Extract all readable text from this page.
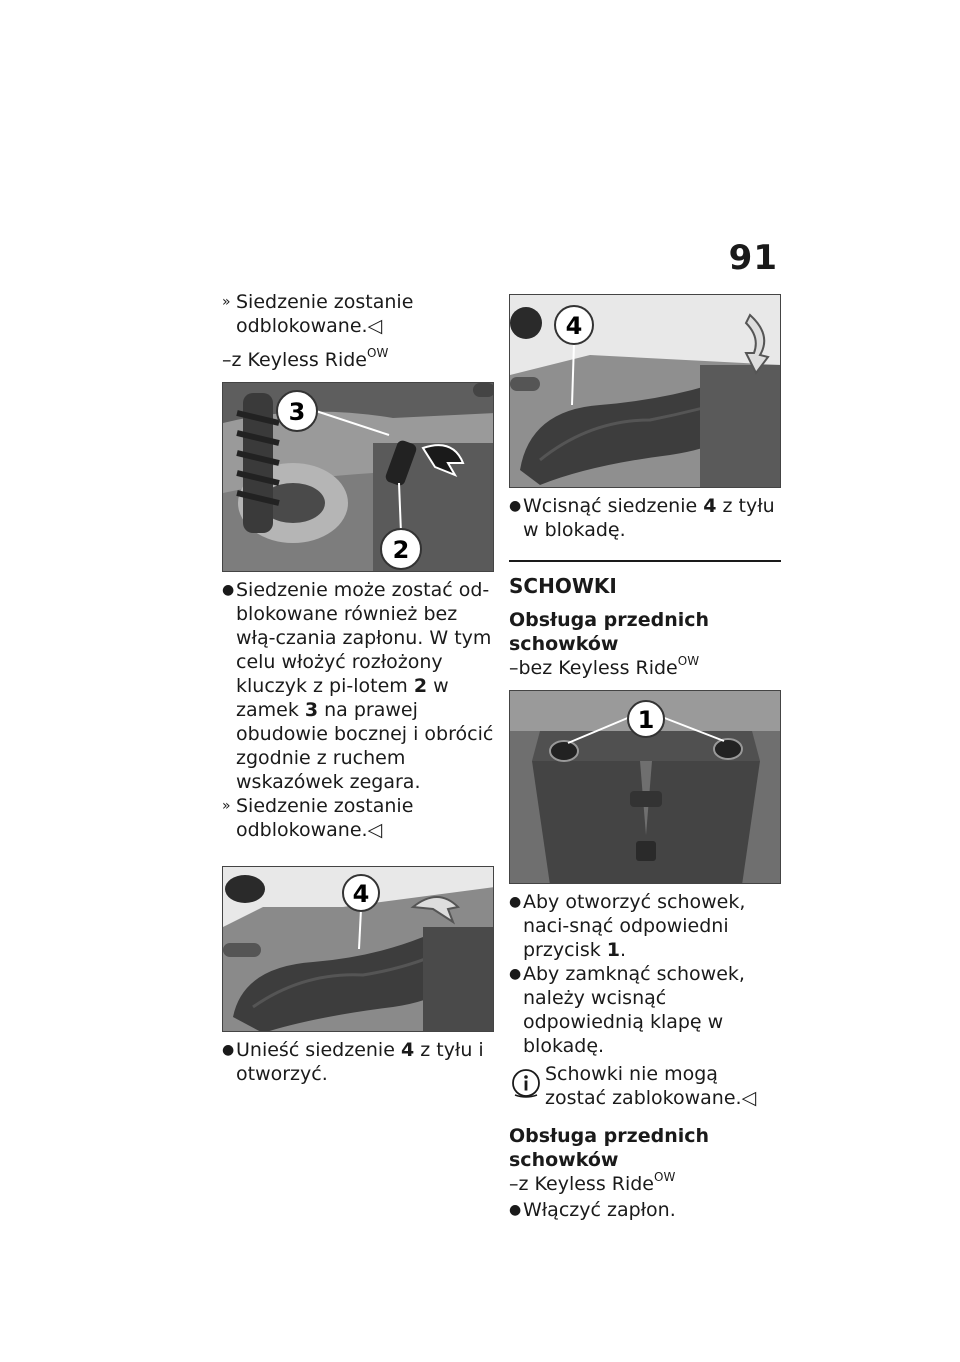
91
» Siedzenie zostanie odblokowane.◁
–z Keyless Ride$^{OW}$
3
2
● Siedzenie może zostać od-blokowane również bez włą-czania zapłonu. W tym celu włożyć rozłożony kluczyk z pi-lotem 2 w zamek 3 na prawej obudowie bocznej i obrócić zgodnie z ruchem wskazówek zegara.
» Siedzenie zostanie odblokowane.◁
4
● Unieść siedzenie 4 z tyłu i otworzyć.
4
● Wcisnąć siedzenie 4 z tyłu w blokadę.
SCHOWKI
Obsługa przednich schowków
–bez Keyless Ride$^{OW}$
1
● Aby otworzyć schowek, naci-snąć odpowiedni przycisk 1.
● Aby zamknąć schowek, należy wcisnąć odpowiednią klapę w blokadę.
Schowki nie mogą zostać zablokowane.◁
Obsługa przednich schowków
–z Keyless Ride$^{OW}$
● Włączyć zapłon.
